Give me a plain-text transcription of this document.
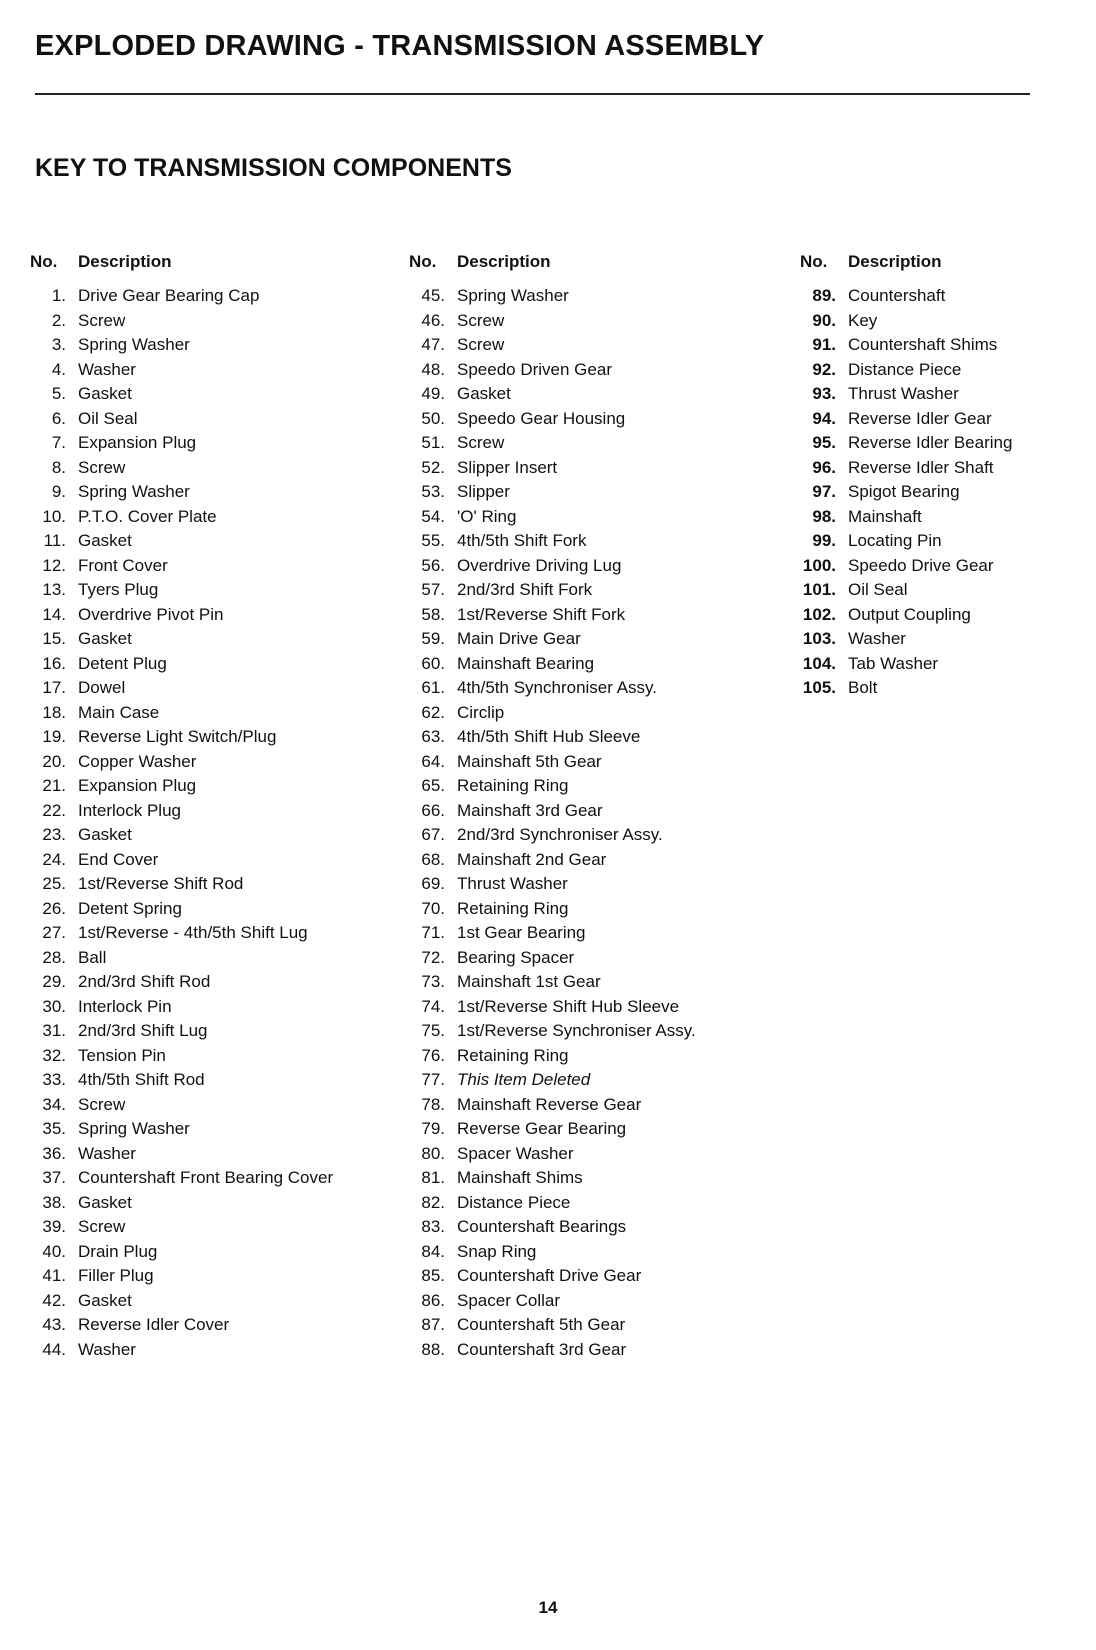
EXPLODED DRAWING - TRANSMISSION ASSEMBLY
KEY TO TRANSMISSION COMPONENTS
No.	Description
1. Drive Gear Bearing Cap
2. Screw
3. Spring Washer
4. Washer
5. Gasket
6. Oil Seal
7. Expansion Plug
8. Screw
9. Spring Washer
10. P.T.O. Cover Plate
11. Gasket
12. Front Cover
13. Tyers Plug
14. Overdrive Pivot Pin
15. Gasket
16. Detent Plug
17. Dowel
18. Main Case
19. Reverse Light Switch/Plug
20. Copper Washer
21. Expansion Plug
22. Interlock Plug
23. Gasket
24. End Cover
25. 1st/Reverse Shift Rod
26. Detent Spring
27. 1st/Reverse - 4th/5th Shift Lug
28. Ball
29. 2nd/3rd Shift Rod
30. Interlock Pin
31. 2nd/3rd Shift Lug
32. Tension Pin
33. 4th/5th Shift Rod
34. Screw
35. Spring Washer
36. Washer
37. Countershaft Front Bearing Cover
38. Gasket
39. Screw
40. Drain Plug
41. Filler Plug
42. Gasket
43. Reverse Idler Cover
44. Washer
No.	Description
45. Spring Washer
46. Screw
47. Screw
48. Speedo Driven Gear
49. Gasket
50. Speedo Gear Housing
51. Screw
52. Slipper Insert
53. Slipper
54. 'O' Ring
55. 4th/5th Shift Fork
56. Overdrive Driving Lug
57. 2nd/3rd Shift Fork
58. 1st/Reverse Shift Fork
59. Main Drive Gear
60. Mainshaft Bearing
61. 4th/5th Synchroniser Assy.
62. Circlip
63. 4th/5th Shift Hub Sleeve
64. Mainshaft 5th Gear
65. Retaining Ring
66. Mainshaft 3rd Gear
67. 2nd/3rd Synchroniser Assy.
68. Mainshaft 2nd Gear
69. Thrust Washer
70. Retaining Ring
71. 1st Gear Bearing
72. Bearing Spacer
73. Mainshaft 1st Gear
74. 1st/Reverse Shift Hub Sleeve
75. 1st/Reverse Synchroniser Assy.
76. Retaining Ring
77. This Item Deleted
78. Mainshaft Reverse Gear
79. Reverse Gear Bearing
80. Spacer Washer
81. Mainshaft Shims
82. Distance Piece
83. Countershaft Bearings
84. Snap Ring
85. Countershaft Drive Gear
86. Spacer Collar
87. Countershaft 5th Gear
88. Countershaft 3rd Gear
No.	Description
89. Countershaft
90. Key
91. Countershaft Shims
92. Distance Piece
93. Thrust Washer
94. Reverse Idler Gear
95. Reverse Idler Bearing
96. Reverse Idler Shaft
97. Spigot Bearing
98. Mainshaft
99. Locating Pin
100. Speedo Drive Gear
101. Oil Seal
102. Output Coupling
103. Washer
104. Tab Washer
105. Bolt
14
